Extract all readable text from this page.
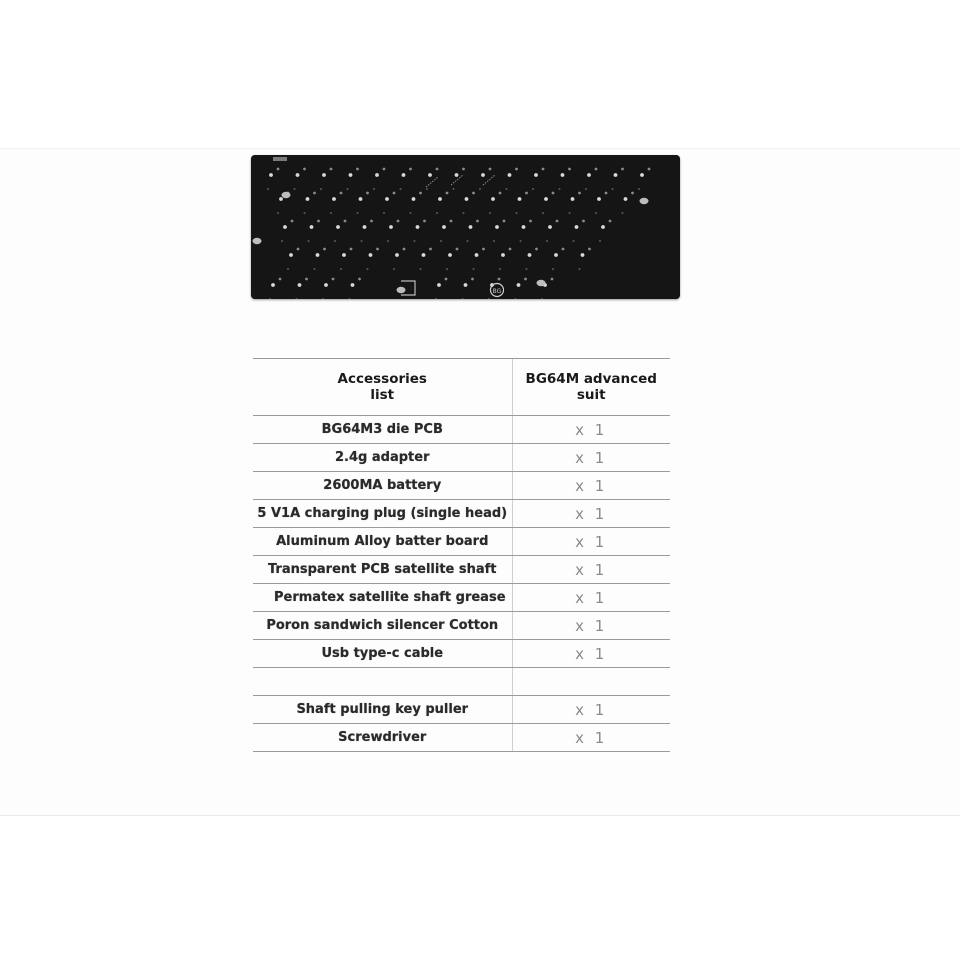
BG
Accessories list	BG64M advanced suit
BG64M3 die PCB	x 1
2.4g adapter	x 1
2600MA battery	x 1
5 V1A charging plug (single head)	x 1
Aluminum Alloy batter board	x 1
Transparent PCB satellite shaft	x 1
Permatex satellite shaft grease	x 1
Poron sandwich silencer Cotton	x 1
Usb type-c cable	x 1

Shaft pulling key puller	x 1
Screwdriver	x 1
